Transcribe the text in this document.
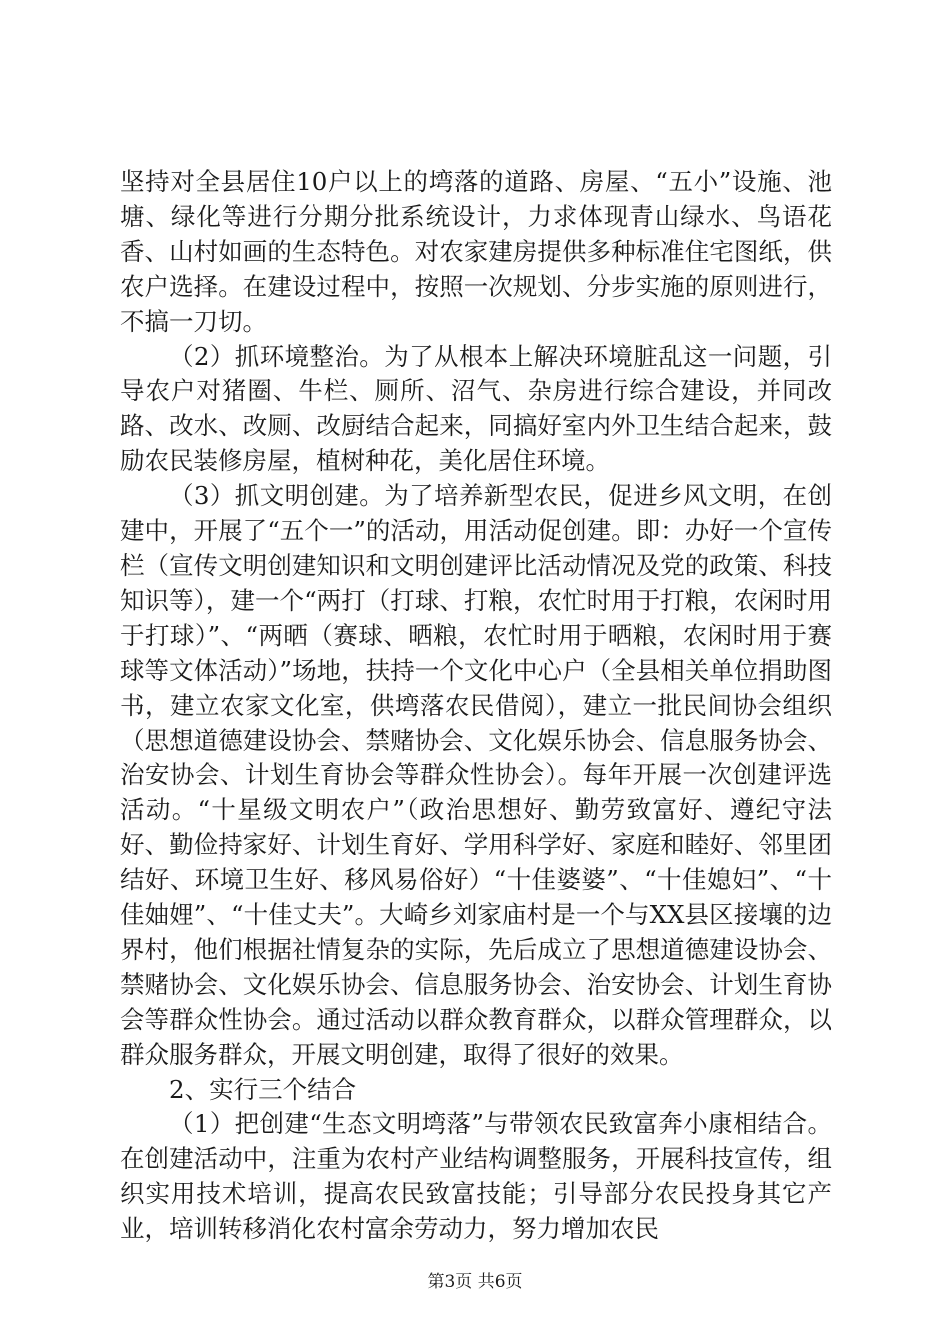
坚持对全县居住10户以上的塆落的道路、房屋、“五小”设施、池塘、绿化等进行分期分批系统设计，力求体现青山绿水、鸟语花香、山村如画的生态特色。对农家建房提供多种标准住宅图纸，供农户选择。在建设过程中，按照一次规划、分步实施的原则进行，不搞一刀切。

（2）抓环境整治。为了从根本上解决环境脏乱这一问题，引导农户对猪圈、牛栏、厕所、沼气、杂房进行综合建设，并同改路、改水、改厕、改厨结合起来，同搞好室内外卫生结合起来，鼓励农民装修房屋，植树种花，美化居住环境。

（3）抓文明创建。为了培养新型农民，促进乡风文明，在创建中，开展了“五个一”的活动，用活动促创建。即：办好一个宣传栏（宣传文明创建知识和文明创建评比活动情况及党的政策、科技知识等），建一个“两打（打球、打粮，农忙时用于打粮，农闲时用于打球）”、“两晒（赛球、晒粮，农忙时用于晒粮，农闲时用于赛球等文体活动）”场地，扶持一个文化中心户（全县相关单位捐助图书，建立农家文化室，供塆落农民借阅），建立一批民间协会组织（思想道德建设协会、禁赌协会、文化娱乐协会、信息服务协会、治安协会、计划生育协会等群众性协会）。每年开展一次创建评选活动。“十星级文明农户”（政治思想好、勤劳致富好、遵纪守法好、勤俭持家好、计划生育好、学用科学好、家庭和睦好、邻里团结好、环境卫生好、移风易俗好）“十佳婆婆”、“十佳媳妇”、“十佳妯娌”、“十佳丈夫”。大崎乡刘家庙村是一个与XX县区接壤的边界村，他们根据社情复杂的实际，先后成立了思想道德建设协会、禁赌协会、文化娱乐协会、信息服务协会、治安协会、计划生育协会等群众性协会。通过活动以群众教育群众，以群众管理群众，以群众服务群众，开展文明创建，取得了很好的效果。

2、实行三个结合

（1）把创建“生态文明塆落”与带领农民致富奔小康相结合。在创建活动中，注重为农村产业结构调整服务，开展科技宣传，组织实用技术培训，提高农民致富技能；引导部分农民投身其它产业，培训转移消化农村富余劳动力，努力增加农民

第3页 共6页
